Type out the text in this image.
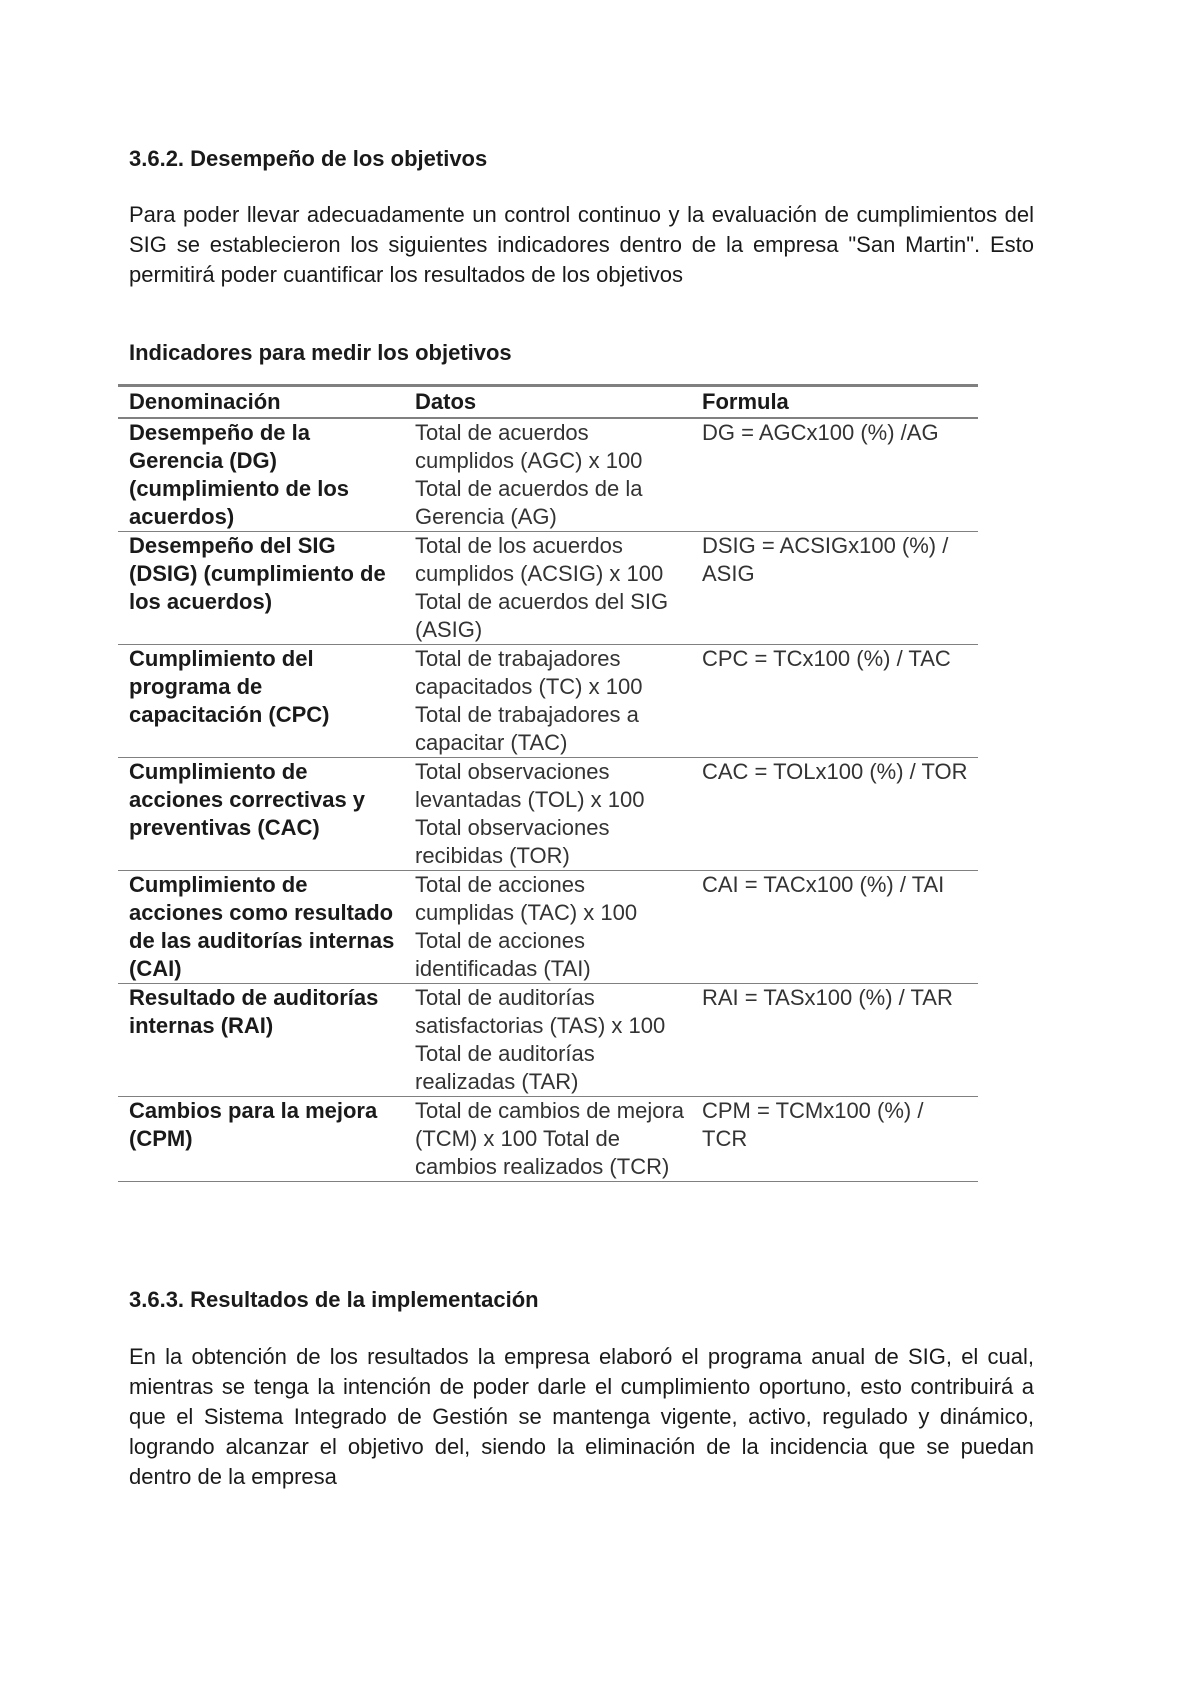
3.6.2. Desempeño de los objetivos
Para poder llevar adecuadamente un control continuo y la evaluación de cumplimientos del SIG se establecieron los siguientes indicadores dentro de la empresa "San Martin". Esto permitirá poder cuantificar los resultados de los objetivos
Indicadores para medir los objetivos
Denominación	Datos	Formula
Desempeño de la Gerencia (DG) (cumplimiento de los acuerdos)	Total de acuerdos cumplidos (AGC) x 100 Total de acuerdos de la Gerencia (AG)	DG = AGCx100 (%) /AG
Desempeño del SIG (DSIG) (cumplimiento de los acuerdos)	Total de los acuerdos cumplidos (ACSIG) x 100 Total de acuerdos del SIG (ASIG)	DSIG = ACSIGx100 (%) / ASIG
Cumplimiento del programa de capacitación (CPC)	Total de trabajadores capacitados (TC) x 100 Total de trabajadores a capacitar (TAC)	CPC = TCx100 (%) / TAC
Cumplimiento de acciones correctivas y preventivas (CAC)	Total observaciones levantadas (TOL) x 100 Total observaciones recibidas (TOR)	CAC = TOLx100 (%) / TOR
Cumplimiento de acciones como resultado de las auditorías internas (CAI)	Total de acciones cumplidas (TAC) x 100 Total de acciones identificadas (TAI)	CAI = TACx100 (%) / TAI
Resultado de auditorías internas (RAI)	Total de auditorías satisfactorias (TAS) x 100 Total de auditorías realizadas (TAR)	RAI = TASx100 (%) / TAR
Cambios para la mejora (CPM)	Total de cambios de mejora (TCM) x 100 Total de cambios realizados (TCR)	CPM = TCMx100 (%) / TCR
3.6.3. Resultados de la implementación
En la obtención de los resultados la empresa elaboró el programa anual de SIG, el cual, mientras se tenga la intención de poder darle el cumplimiento oportuno, esto contribuirá a que el Sistema Integrado de Gestión se mantenga vigente, activo, regulado y dinámico, logrando alcanzar el objetivo del, siendo la eliminación de la incidencia que se puedan dentro de la empresa
